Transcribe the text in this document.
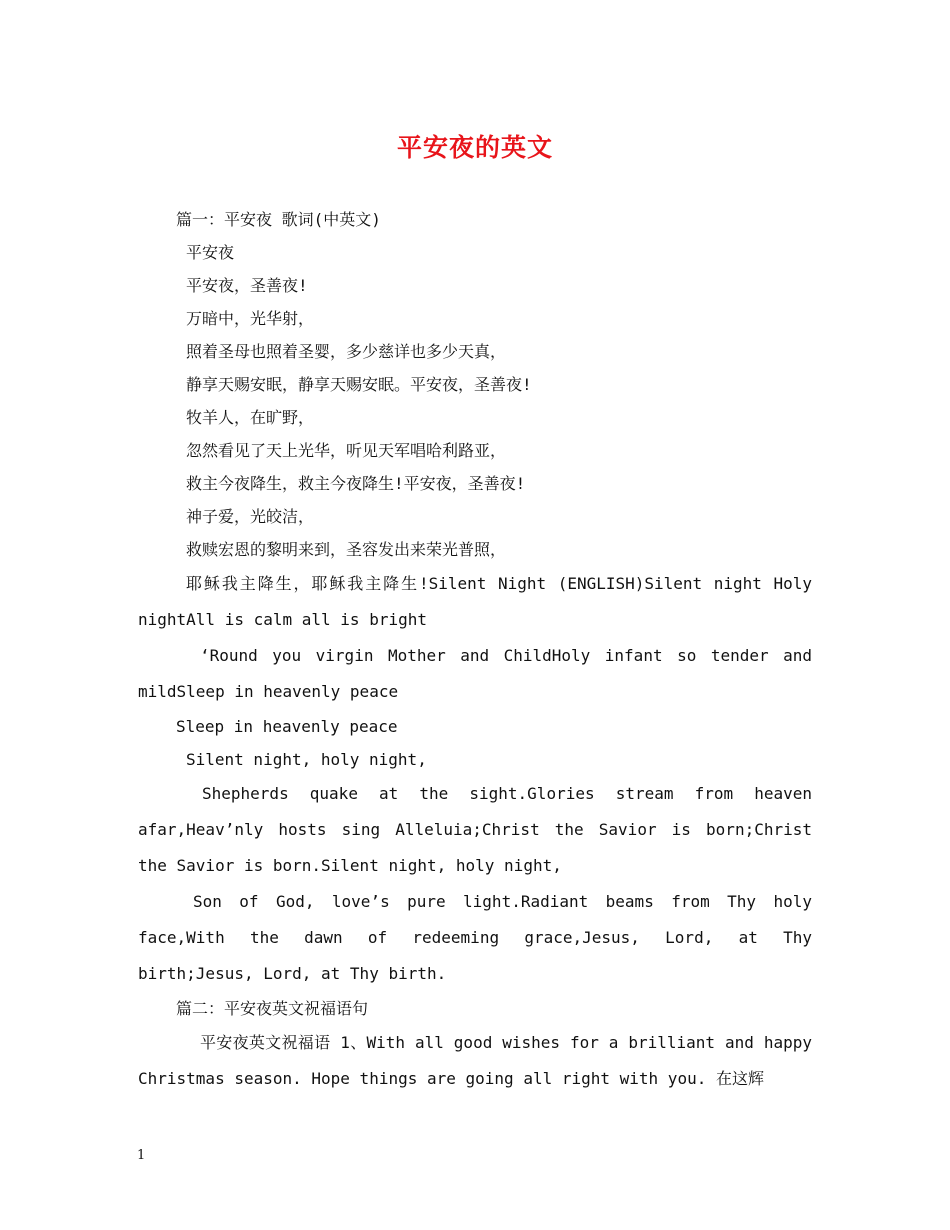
平安夜的英文
篇一：平安夜 歌词(中英文)
平安夜
平安夜，圣善夜!
万暗中，光华射，
照着圣母也照着圣婴，多少慈详也多少天真，
静享天赐安眠，静享天赐安眠。平安夜，圣善夜!
牧羊人，在旷野，
忽然看见了天上光华，听见天军唱哈利路亚，
救主今夜降生，救主今夜降生!平安夜，圣善夜!
神子爱，光皎洁，
救赎宏恩的黎明来到，圣容发出来荣光普照，
耶稣我主降生，耶稣我主降生!Silent Night (ENGLISH)Silent night Holy nightAll is calm all is bright
‘Round you virgin Mother and ChildHoly infant so tender and mildSleep in heavenly peace
Sleep in heavenly peace
Silent night, holy night,
Shepherds quake at the sight.Glories stream from heaven afar,Heav’nly hosts sing Alleluia;Christ the Savior is born;Christ the Savior is born.Silent night, holy night,
Son of God, love’s pure light.Radiant beams from Thy holy face,With the dawn of redeeming grace,Jesus, Lord, at Thy birth;Jesus, Lord, at Thy birth.
篇二：平安夜英文祝福语句
平安夜英文祝福语 1、With all good wishes for a brilliant and happy Christmas season. Hope things are going all right with you. 在这辉
1
